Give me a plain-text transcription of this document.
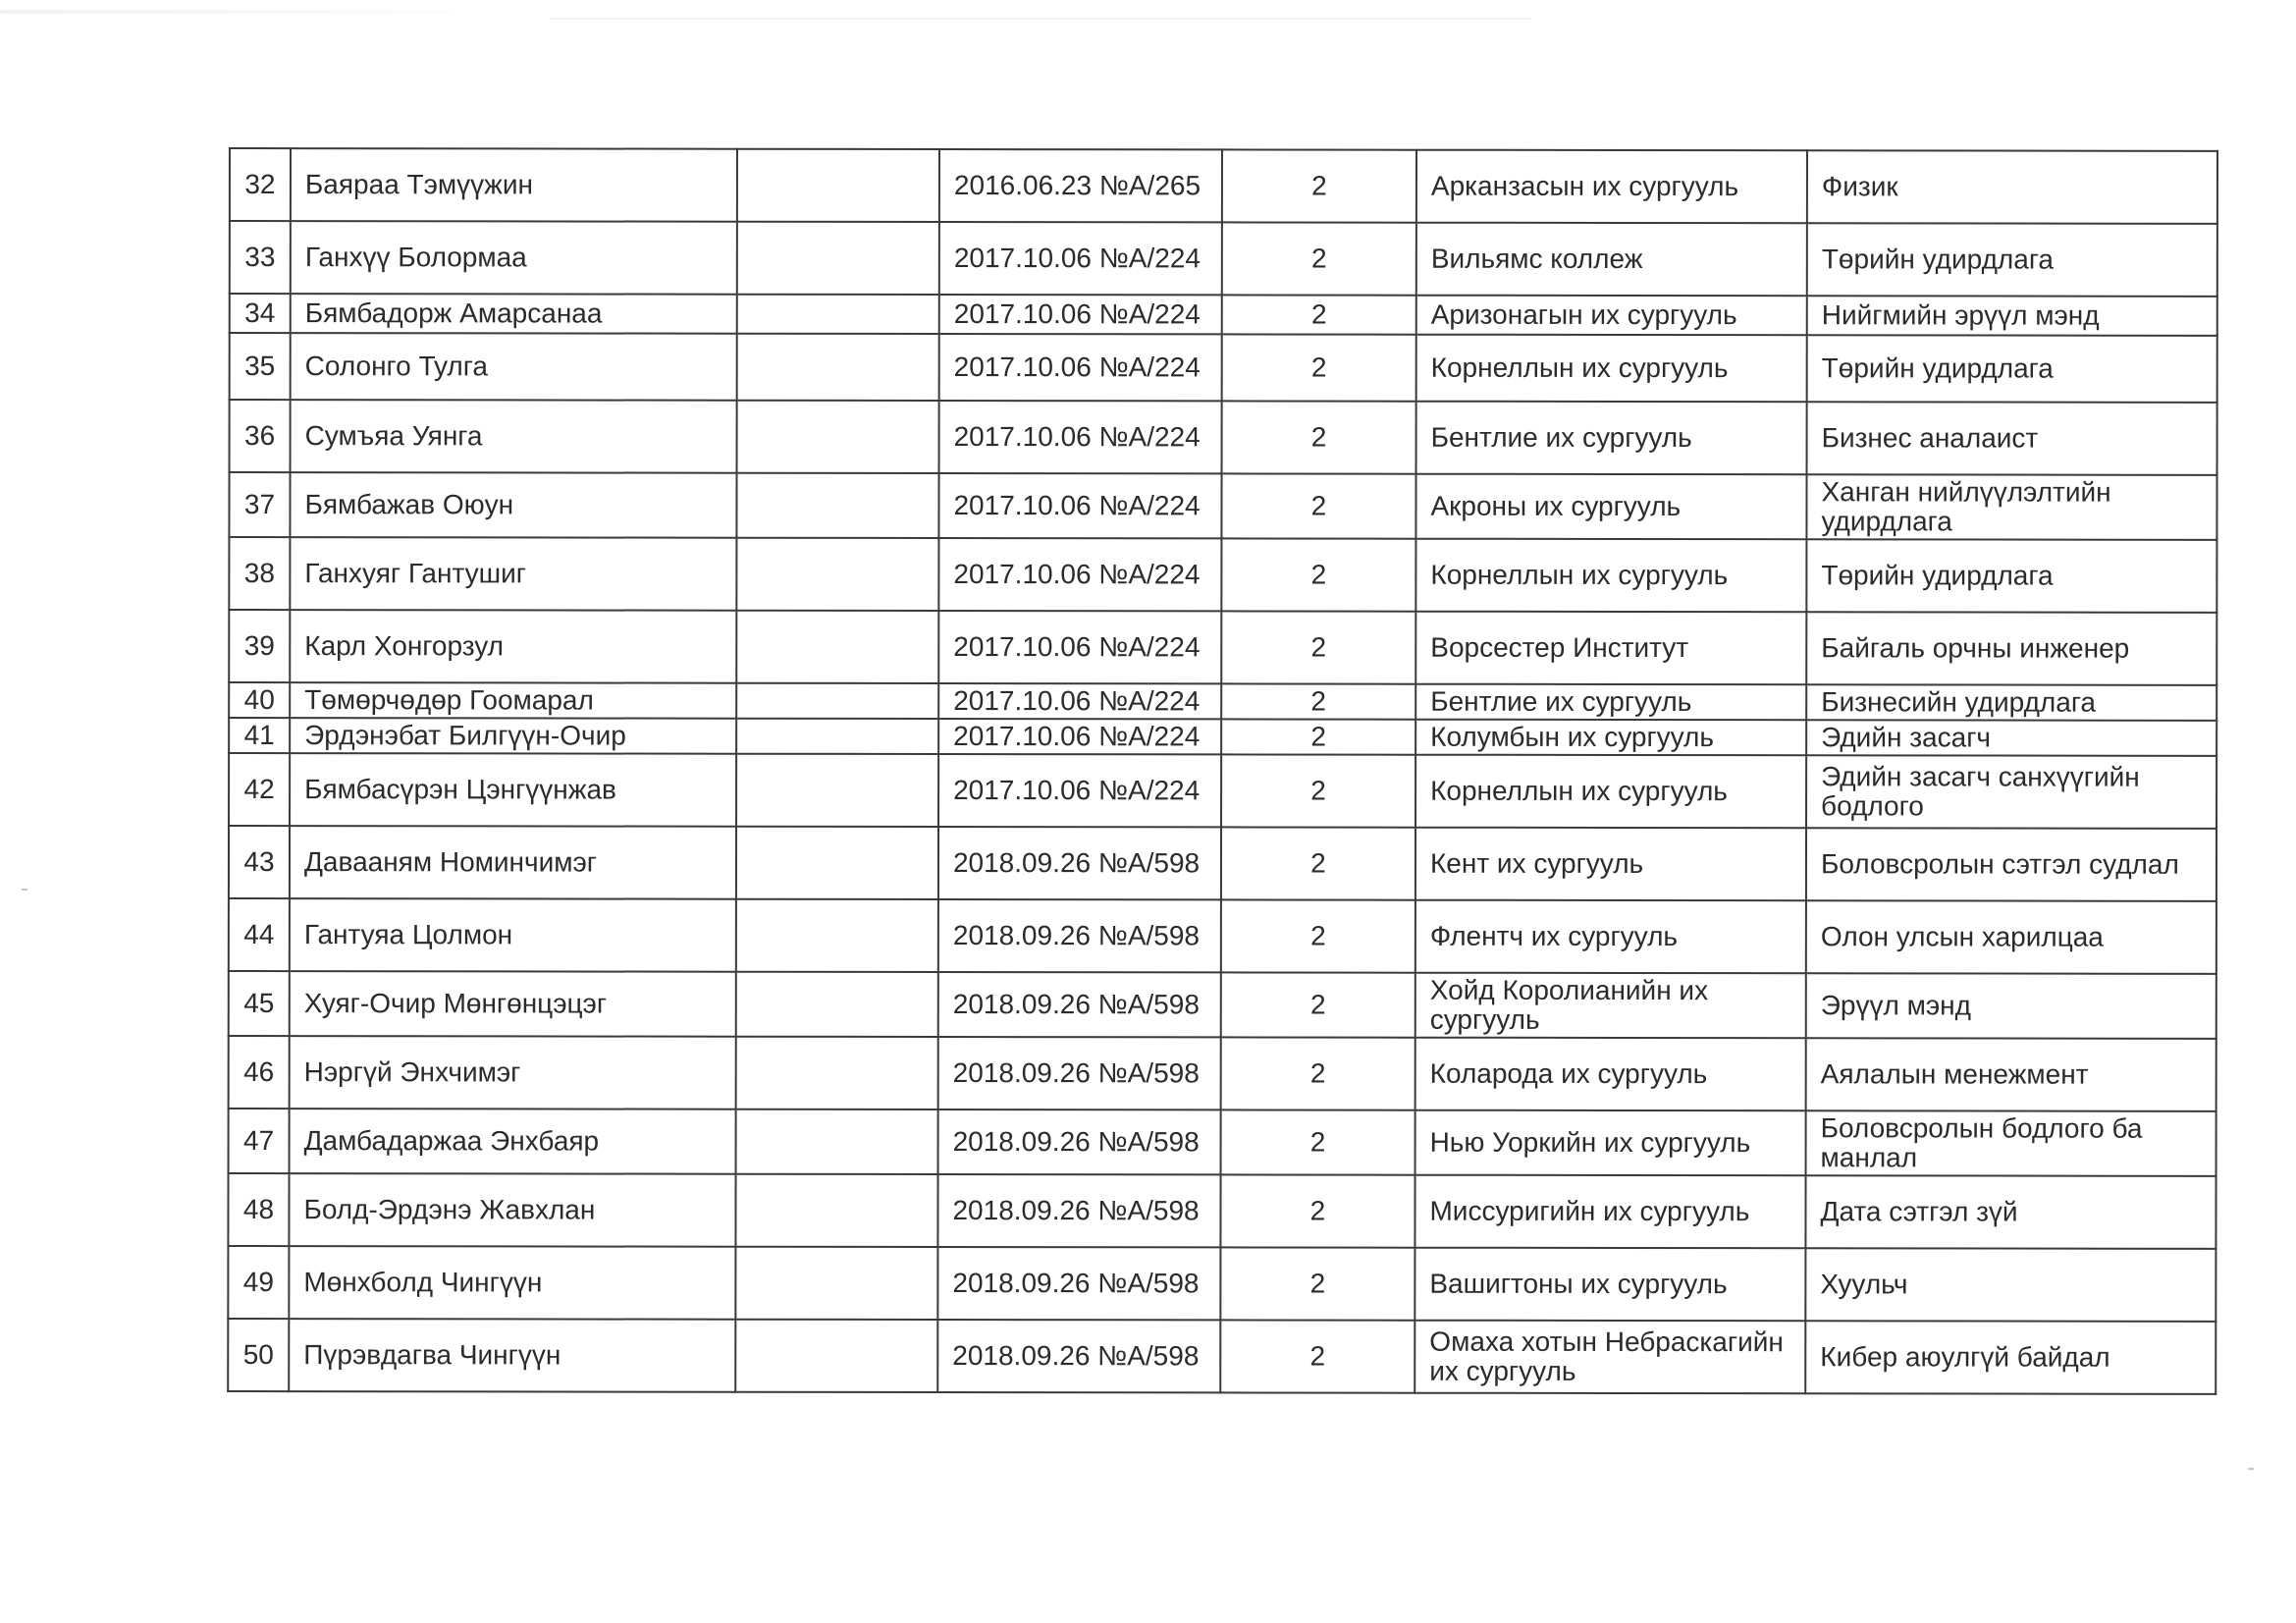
32	Баяраа Тэмүүжин		2016.06.23 №А/265	2	Арканзасын их сургууль	Физик
33	Ганхүү Болормаа		2017.10.06 №А/224	2	Вильямс коллеж	Төрийн удирдлага
34	Бямбадорж Амарсанаа		2017.10.06 №А/224	2	Аризонагын их сургууль	Нийгмийн эрүүл мэнд
35	Солонго Тулга		2017.10.06 №А/224	2	Корнеллын их сургууль	Төрийн удирдлага
36	Сумъяа Уянга		2017.10.06 №А/224	2	Бентлие их сургууль	Бизнес аналаист
37	Бямбажав Оюун		2017.10.06 №А/224	2	Акроны их сургууль	Ханган нийлүүлэлтийн удирдлага
38	Ганхуяг Гантушиг		2017.10.06 №А/224	2	Корнеллын их сургууль	Төрийн удирдлага
39	Карл Хонгорзул		2017.10.06 №А/224	2	Ворсестер Институт	Байгаль орчны инженер
40	Төмөрчөдөр Гоомарал		2017.10.06 №А/224	2	Бентлие их сургууль	Бизнесийн удирдлага
41	Эрдэнэбат Билгүүн-Очир		2017.10.06 №А/224	2	Колумбын их сургууль	Эдийн засагч
42	Бямбасүрэн Цэнгүүнжав		2017.10.06 №А/224	2	Корнеллын их сургууль	Эдийн засагч санхүүгийн бодлого
43	Даваaням Номинчимэг		2018.09.26 №А/598	2	Кент их сургууль	Боловсролын сэтгэл судлал
44	Гантуяа Цолмон		2018.09.26 №А/598	2	Флентч их сургууль	Олон улсын харилцаа
45	Хуяг-Очир Мөнгөнцэцэг		2018.09.26 №А/598	2	Хойд Королианийн их сургууль	Эрүүл мэнд
46	Нэргүй Энхчимэг		2018.09.26 №А/598	2	Коларода их сургууль	Аялалын менежмент
47	Дамбадаржаа Энхбаяр		2018.09.26 №А/598	2	Нью Уоркийн их сургууль	Боловсролын бодлого ба манлал
48	Болд-Эрдэнэ Жавхлан		2018.09.26 №А/598	2	Миссуригийн их сургууль	Дата сэтгэл зүй
49	Мөнхболд Чингүүн		2018.09.26 №А/598	2	Вашигтоны их сургууль	Хуульч
50	Пүрэвдагва Чингүүн		2018.09.26 №А/598	2	Омаха хотын Небраскагийн их сургууль	Кибер аюулгүй байдал
